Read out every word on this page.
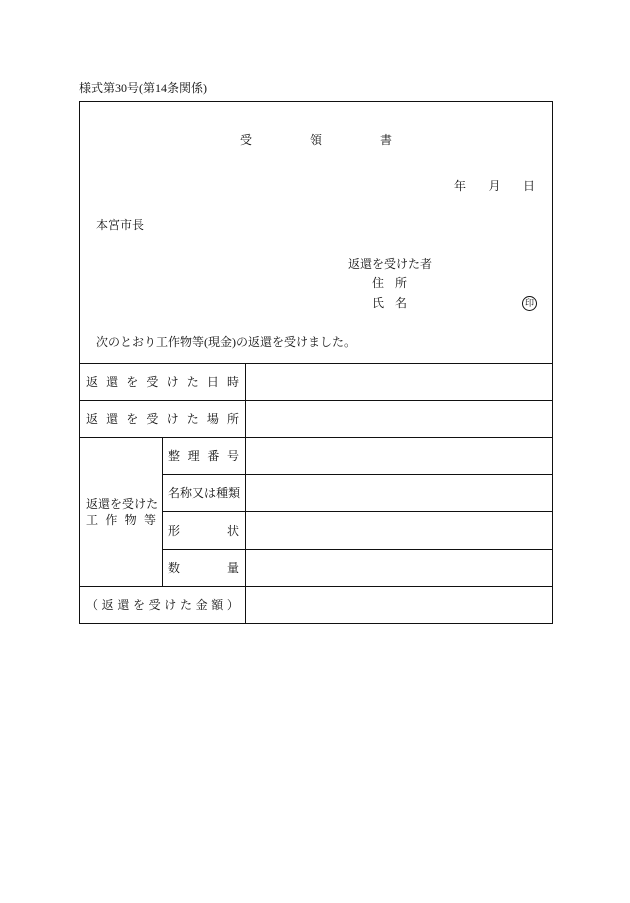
様式第30号(第14条関係)
受	領	書
年 月 日
本宮市長
返還を受けた者
住 所
氏 名	印
次のとおり工作物等(現金)の返還を受けました。
返 還 を 受 け た 日 時
返 還 を 受 け た 場 所
返 還 を 受 け た
工 作 物 等
整 理 番 号
名 称 又 は 種 類
形	状
数	量
（ 返 還 を 受 け た 金 額 ）
